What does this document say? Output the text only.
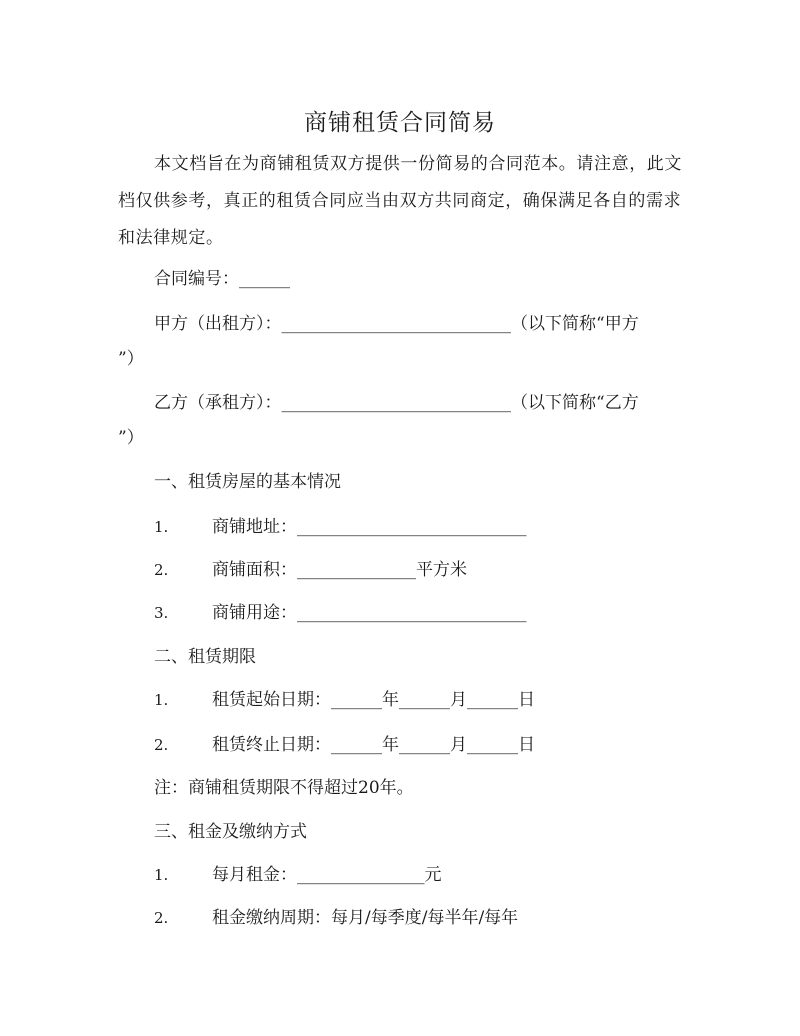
商铺租赁合同简易

本文档旨在为商铺租赁双方提供一份简易的合同范本。请注意，此文档仅供参考，真正的租赁合同应当由双方共同商定，确保满足各自的需求和法律规定。

合同编号：______
甲方（出租方）：___________________________（以下简称“甲方
”）
乙方（承租方）：___________________________（以下简称“乙方
”）
一、租赁房屋的基本情况
1.	商铺地址：___________________________
2.	商铺面积：______________平方米
3.	商铺用途：___________________________
二、租赁期限
1.	租赁起始日期：______年______月______日
2.	租赁终止日期：______年______月______日
注：商铺租赁期限不得超过20年。
三、租金及缴纳方式
1.	每月租金：_______________元
2.	租金缴纳周期：每月/每季度/每半年/每年
